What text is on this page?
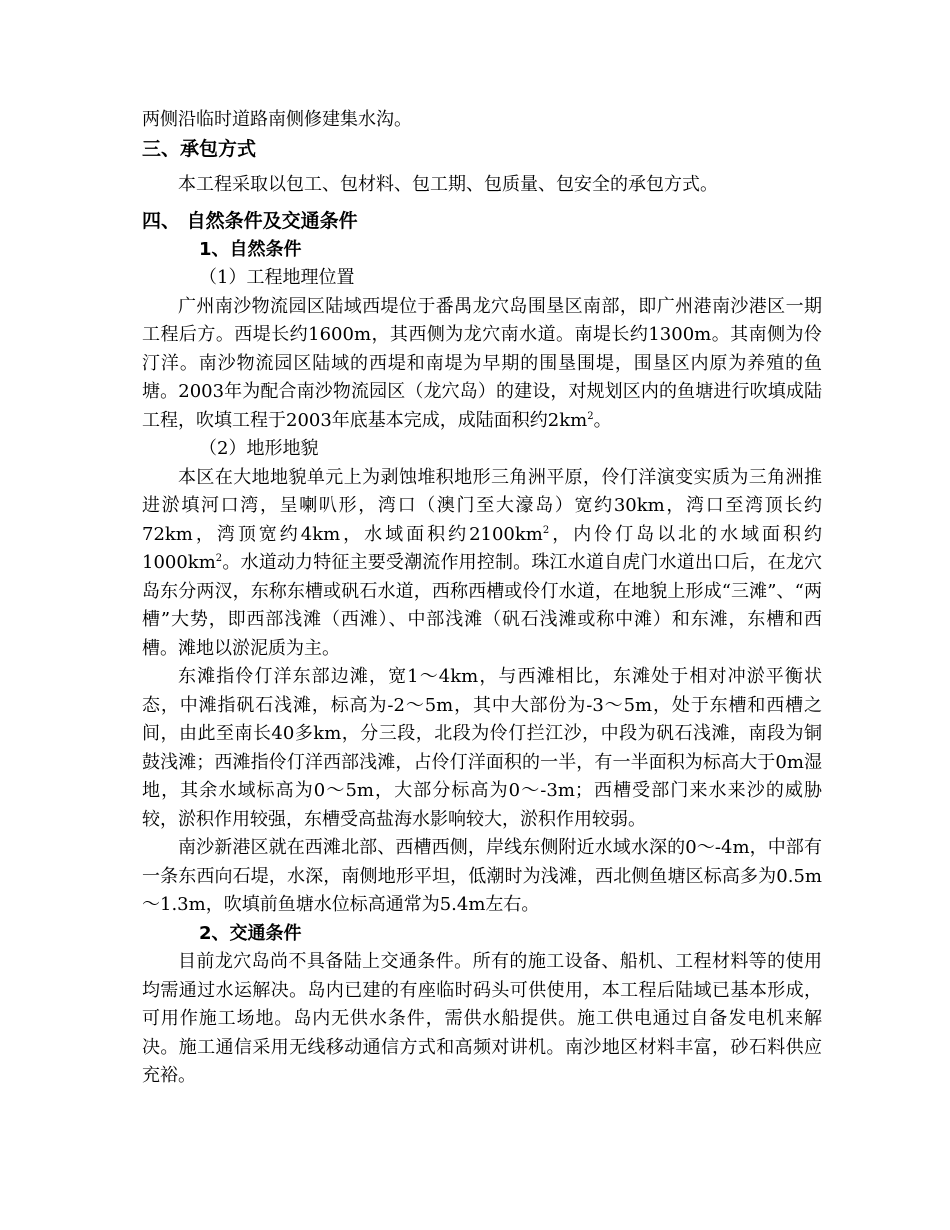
两侧沿临时道路南侧修建集水沟。

三、承包方式

本工程采取以包工、包材料、包工期、包质量、包安全的承包方式。

四、 自然条件及交通条件

1、自然条件

（1）工程地理位置

广州南沙物流园区陆域西堤位于番禺龙穴岛围垦区南部，即广州港南沙港区一期工程后方。西堤长约1600m，其西侧为龙穴南水道。南堤长约1300m。其南侧为伶汀洋。南沙物流园区陆域的西堤和南堤为早期的围垦围堤，围垦区内原为养殖的鱼塘。2003年为配合南沙物流园区（龙穴岛）的建设，对规划区内的鱼塘进行吹填成陆工程，吹填工程于2003年底基本完成，成陆面积约$2km^2$。

（2）地形地貌

本区在大地地貌单元上为剥蚀堆积地形三角洲平原，伶仃洋演变实质为三角洲推进淤填河口湾，呈喇叭形，湾口（澳门至大濠岛）宽约30km，湾口至湾顶长约72km，湾顶宽约4km，水域面积约$2100km^2$，内伶仃岛以北的水域面积约$1000km^2$。水道动力特征主要受潮流作用控制。珠江水道自虎门水道出口后，在龙穴岛东分两汊，东称东槽或矾石水道，西称西槽或伶仃水道，在地貌上形成“三滩”、“两槽”大势，即西部浅滩（西滩）、中部浅滩（矾石浅滩或称中滩）和东滩，东槽和西槽。滩地以淤泥质为主。

东滩指伶仃洋东部边滩，宽1～4km，与西滩相比，东滩处于相对冲淤平衡状态，中滩指矾石浅滩，标高为-2～5m，其中大部份为-3～5m，处于东槽和西槽之间，由此至南长40多km，分三段，北段为伶仃拦江沙，中段为矾石浅滩，南段为铜鼓浅滩；西滩指伶仃洋西部浅滩，占伶仃洋面积的一半，有一半面积为标高大于0m湿地，其余水域标高为0～5m，大部分标高为0～-3m；西槽受部门来水来沙的威胁较，淤积作用较强，东槽受高盐海水影响较大，淤积作用较弱。

南沙新港区就在西滩北部、西槽西侧，岸线东侧附近水域水深的0～-4m，中部有一条东西向石堤，水深，南侧地形平坦，低潮时为浅滩，西北侧鱼塘区标高多为0.5m～1.3m，吹填前鱼塘水位标高通常为5.4m左右。

2、交通条件

目前龙穴岛尚不具备陆上交通条件。所有的施工设备、船机、工程材料等的使用均需通过水运解决。岛内已建的有座临时码头可供使用，本工程后陆域已基本形成，可用作施工场地。岛内无供水条件，需供水船提供。施工供电通过自备发电机来解决。施工通信采用无线移动通信方式和高频对讲机。南沙地区材料丰富，砂石料供应充裕。
